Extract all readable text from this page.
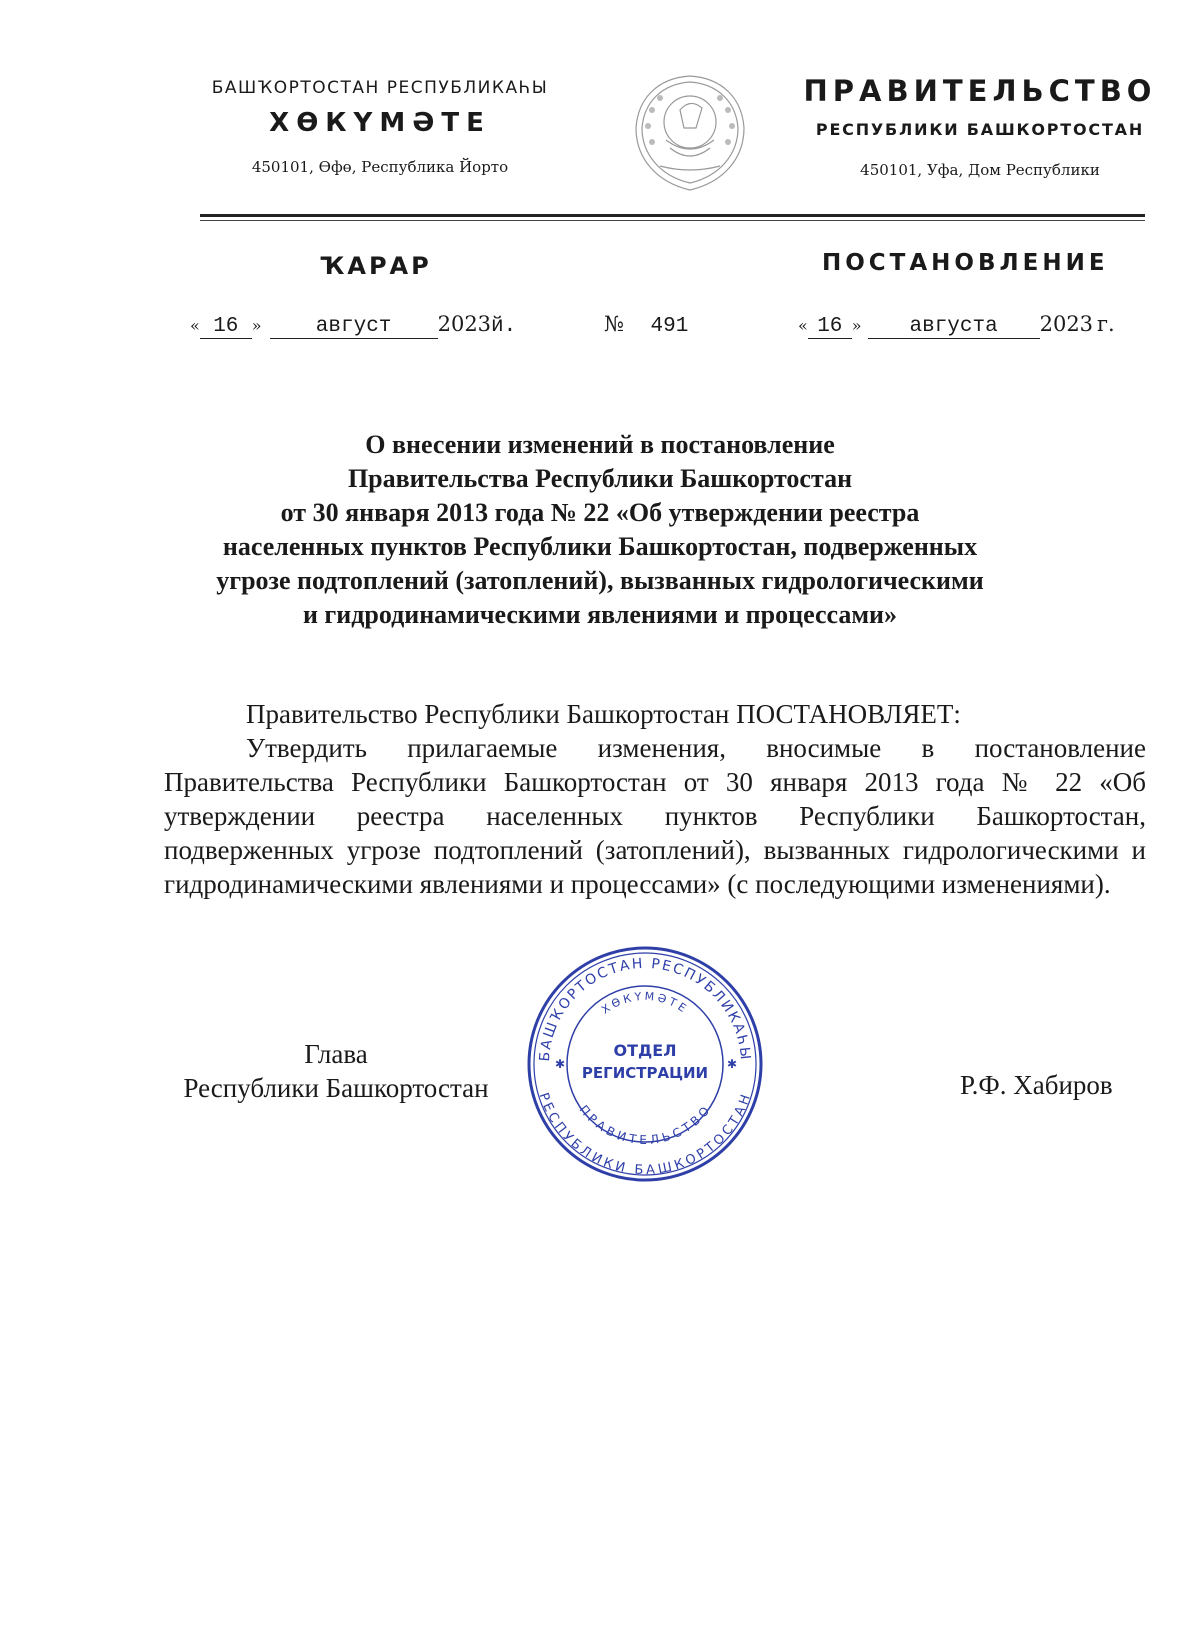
БАШҠОРТОСТАН РЕСПУБЛИКАҺЫ
ХӨКҮМӘТЕ
450101, Өфө, Республика Йорто
ПРАВИТЕЛЬСТВО
РЕСПУБЛИКИ БАШКОРТОСТАН
450101, Уфа, Дом Республики
ҠАРАР	ПОСТАНОВЛЕНИЕ
« 16 »	август 2023й.	№ 491	« 16 » августа 2023 г.
О внесении изменений в постановление
Правительства Республики Башкортостан
от 30 января 2013 года № 22 «Об утверждении реестра
населенных пунктов Республики Башкортостан, подверженных
угрозе подтоплений (затоплений), вызванных гидрологическими
и гидродинамическими явлениями и процессами»
Правительство Республики Башкортостан ПОСТАНОВЛЯЕТ:
Утвердить прилагаемые изменения, вносимые в постановление Правительства Республики Башкортостан от 30 января 2013 года № 22 «Об утверждении реестра населенных пунктов Республики Башкортостан, подверженных угрозе подтоплений (затоплений), вызванных гидрологическими и гидродинамическими явлениями и процессами» (с последующими изменениями).
Глава
Республики Башкортостан
БАШҠОРТОСТАН РЕСПУБЛИКАҺЫ
ХӨКҮМӘТЕ
ПРАВИТЕЛЬСТВО
РЕСПУБЛИКИ БАШКОРТОСТАН
ОТДЕЛ
РЕГИСТРАЦИИ
✱	✱
Р.Ф. Хабиров
